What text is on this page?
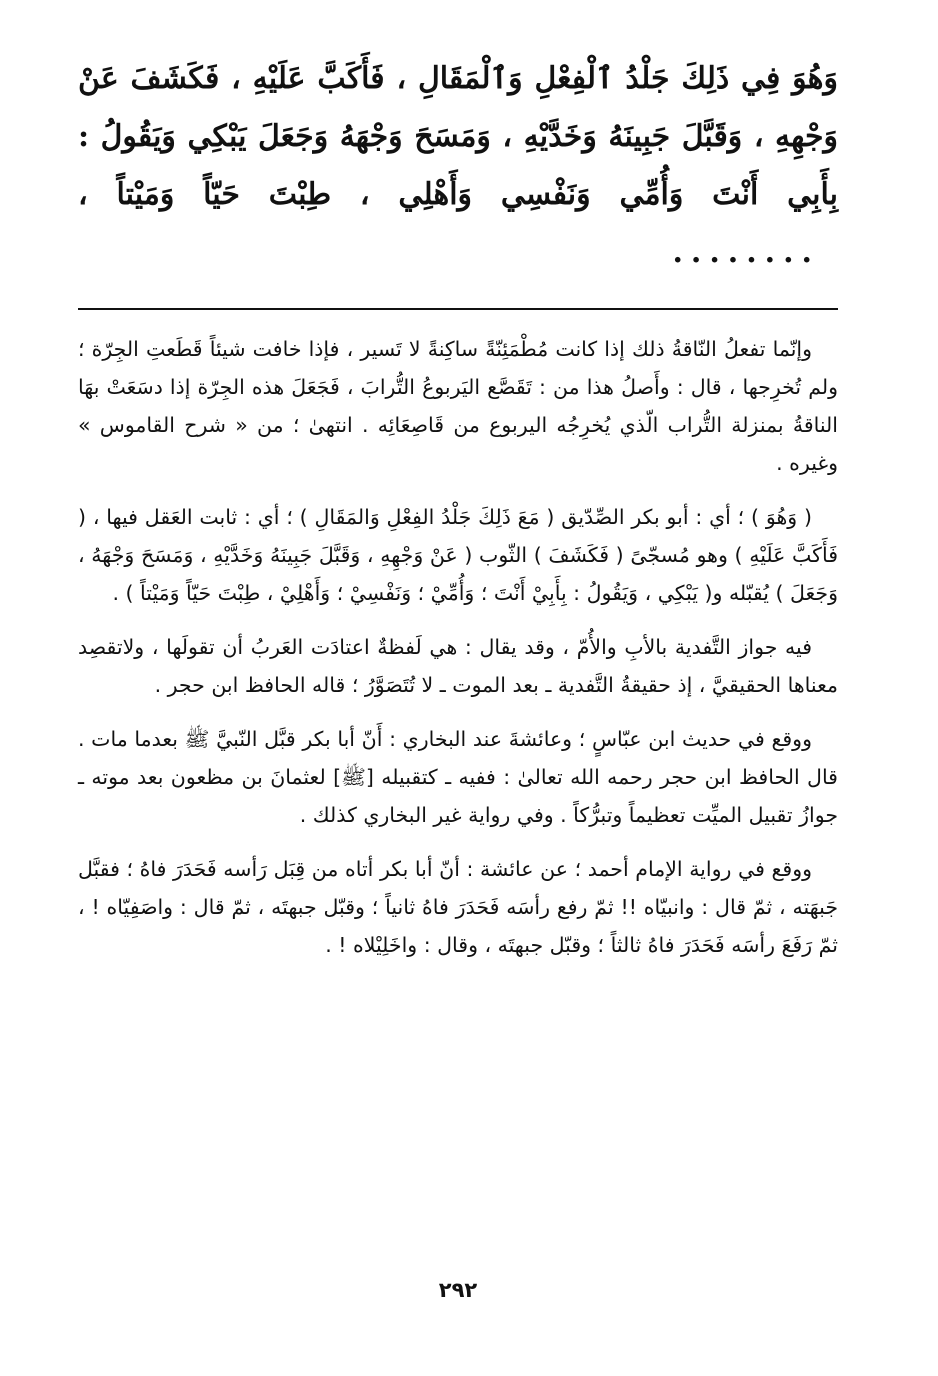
وَهُوَ فِي ذَلِكَ جَلْدُ ٱلْفِعْلِ وَٱلْمَقَالِ ، فَأَكَبَّ عَلَيْهِ ، فَكَشَفَ عَنْ وَجْهِهِ ، وَقَبَّلَ جَبِينَهُ وَخَدَّيْهِ ، وَمَسَحَ وَجْهَهُ وَجَعَلَ يَبْكِي وَيَقُولُ : بِأَبِي أَنْتَ وَأُمِّي وَنَفْسِي وَأَهْلِي ، طِبْتَ حَيّاً وَمَيْتاً ،........

وإنّما تفعلُ النّاقةُ ذلك إذا كانت مُطْمَئِنّةً ساكِنةً لا تَسير ، فإذا خافت شيئاً قَطَعتِ الجِرّة ؛ ولم تُخرِجها ، قال : وأَصلُ هذا من : تَقَصَّع اليَربوعُ التُّرابَ ، فَجَعَلَ هذه الجِرّة إذا دسَعَتْ بهَا الناقةُ بمنزلة التُّراب الّذي يُخرِجُه اليربوع من قَاصِعَائِه . انتهىٰ ؛ من « شرح القاموس » وغيره .

( وَهُوَ ) ؛ أي : أبو بكر الصِّدّيق ( مَعَ ذَلِكَ جَلْدُ الفِعْلِ وَالمَقَالِ ) ؛ أي : ثابت العَقل فيها ، ( فَأَكَبَّ عَلَيْهِ ) وهو مُسجّىً ( فَكَشَفَ ) الثّوب ( عَنْ وَجْهِهِ ، وَقَبَّلَ جَبِينَهُ وَخَدَّيْهِ ، وَمَسَحَ وَجْهَهُ ، وَجَعَلَ ) يُقبّله و( يَبْكِي ، وَيَقُولُ : بِأَبِيْ أَنْتَ ؛ وَأُمِّيْ ؛ وَنَفْسِيْ ؛ وَأَهْلِيْ ، طِبْتَ حَيّاً وَمَيْتاً ) .

فيه جواز التَّفدية بالأبِ والأُمّ ، وقد يقال : هي لَفظةٌ اعتادَت العَربُ أن تقولَها ، ولاتقصِد معناها الحقيقيَّ ، إذ حقيقةُ التَّفدية ـ بعد الموت ـ لا تُتَصَوَّرُ ؛ قاله الحافظ ابن حجر .

ووقع في حديث ابن عبّاسٍ ؛ وعائشةَ عند البخاري : أَنّ أبا بكر قبَّل النّبيَّ ﷺ بعدما مات . قال الحافظ ابن حجر رحمه الله تعالىٰ : ففيه ـ كتقبيله [ﷺ] لعثمانَ بن مظعون بعد موته ـ جوازُ تقبيل الميِّت تعظيماً وتبرُّكاً . وفي رواية غير البخاري كذلك .

ووقع في رواية الإمام أحمد ؛ عن عائشة : أنّ أبا بكر أتاه من قِبَل رَأسه فَحَدَرَ فاهُ ؛ فقبَّل جَبهَته ، ثمّ قال : وانبيّاه !! ثمّ رفع رأسَه فَحَدَرَ فاهُ ثانياً ؛ وقبّل جبهتَه ، ثمّ قال : واصَفِيّاه ! ، ثمّ رَفَعَ رأسَه فَحَدَرَ فاهُ ثالثاً ؛ وقبّل جبهتَه ، وقال : واخَلِيْلاه ! .

٢٩٢
